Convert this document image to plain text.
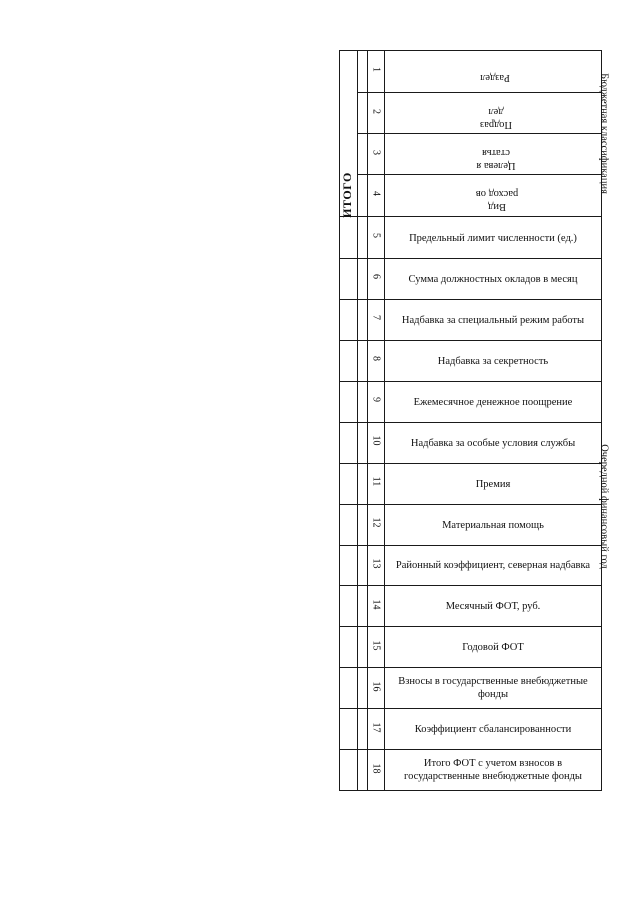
Бюджетная классификация
Очередной финансовый год
Раздел
Подраз дел
Целева я статья
Вид расход ов
1
2
3
4
5
6
7
8
9
10
11
12
13
14
15
16
17
18
ИТОГО
Предельный лимит численности (ед.)
Сумма должностных окладов в месяц
Надбавка за специальный режим работы
Надбавка за секретность
Ежемесячное денежное поощрение
Надбавка за особые условия службы
Премия
Материальная помощь
Районный коэффициент, северная надбавка
Месячный ФОТ, руб.
Годовой ФОТ
Взносы в государственные внебюджетные фонды
Коэффициент сбалансированности
Итого ФОТ с учетом взносов в государственные внебюджетные фонды
